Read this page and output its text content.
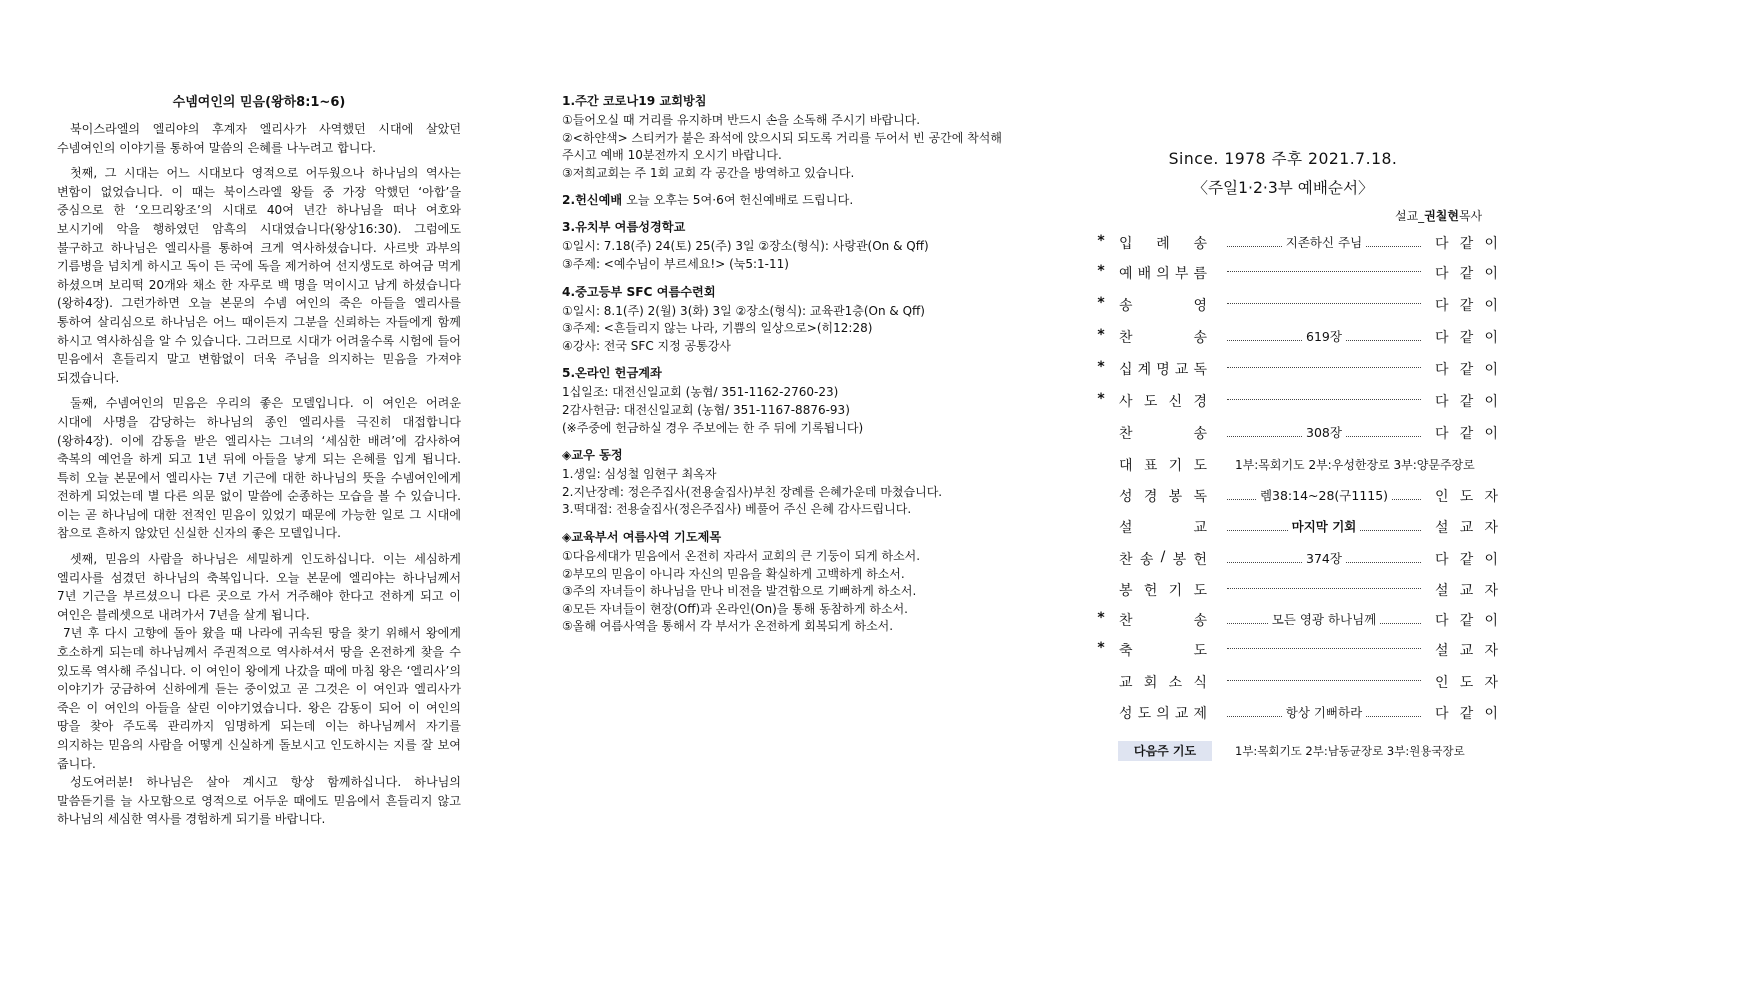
수넴여인의 믿음(왕하8:1~6)

북이스라엘의 엘리야의 후계자 엘리사가 사역했던 시대에 살았던 수넴여인의 이야기를 통하여 말씀의 은혜를 나누려고 합니다.

첫째, 그 시대는 어느 시대보다 영적으로 어두웠으나 하나님의 역사는 변함이 없었습니다. 이 때는 북이스라엘 왕들 중 가장 악했던 ‘아합’을 중심으로 한 ‘오므리왕조’의 시대로 40여 년간 하나님을 떠나 여호와 보시기에 악을 행하였던 암흑의 시대였습니다(왕상16:30). 그럼에도 불구하고 하나님은 엘리사를 통하여 크게 역사하셨습니다. 사르밧 과부의 기름병을 넘치게 하시고 독이 든 국에 독을 제거하여 선지생도로 하여금 먹게 하셨으며 보리떡 20개와 채소 한 자루로 백 명을 먹이시고 남게 하셨습니다(왕하4장). 그런가하면 오늘 본문의 수넴 여인의 죽은 아들을 엘리사를 통하여 살리심으로 하나님은 어느 때이든지 그분을 신뢰하는 자들에게 함께 하시고 역사하심을 알 수 있습니다. 그러므로 시대가 어려울수록 시험에 들어 믿음에서 흔들리지 말고 변함없이 더욱 주님을 의지하는 믿음을 가져야 되겠습니다.

둘째, 수넴여인의 믿음은 우리의 좋은 모델입니다. 이 여인은 어려운 시대에 사명을 감당하는 하나님의 종인 엘리사를 극진히 대접합니다(왕하4장). 이에 감동을 받은 엘리사는 그녀의 ‘세심한 배려’에 감사하여 축복의 예언을 하게 되고 1년 뒤에 아들을 낳게 되는 은혜를 입게 됩니다. 특히 오늘 본문에서 엘리사는 7년 기근에 대한 하나님의 뜻을 수넴여인에게 전하게 되었는데 별 다른 의문 없이 말씀에 순종하는 모습을 볼 수 있습니다. 이는 곧 하나님에 대한 전적인 믿음이 있었기 때문에 가능한 일로 그 시대에 참으로 흔하지 않았던 신실한 신자의 좋은 모델입니다.

셋째, 믿음의 사람을 하나님은 세밀하게 인도하십니다. 이는 세심하게 엘리사를 섬겼던 하나님의 축복입니다. 오늘 본문에 엘리야는 하나님께서 7년 기근을 부르셨으니 다른 곳으로 가서 거주해야 한다고 전하게 되고 이 여인은 블레셋으로 내려가서 7년을 살게 됩니다.

7년 후 다시 고향에 돌아 왔을 때 나라에 귀속된 땅을 찾기 위해서 왕에게 호소하게 되는데 하나님께서 주권적으로 역사하셔서 땅을 온전하게 찾을 수 있도록 역사해 주십니다. 이 여인이 왕에게 나갔을 때에 마침 왕은 ‘엘리사’의 이야기가 궁금하여 신하에게 듣는 중이었고 곧 그것은 이 여인과 엘리사가 죽은 이 여인의 아들을 살린 이야기였습니다. 왕은 감동이 되어 이 여인의 땅을 찾아 주도록 관리까지 임명하게 되는데 이는 하나님께서 자기를 의지하는 믿음의 사람을 어떻게 신실하게 돌보시고 인도하시는 지를 잘 보여 줍니다.

성도여러분! 하나님은 살아 계시고 항상 함께하십니다. 하나님의 말씀듣기를 늘 사모함으로 영적으로 어두운 때에도 믿음에서 흔들리지 않고 하나님의 세심한 역사를 경험하게 되기를 바랍니다.

1.주간 코로나19 교회방침
①들어오실 때 거리를 유지하며 반드시 손을 소독해 주시기 바랍니다.
②<하얀색> 스티커가 붙은 좌석에 앉으시되 되도록 거리를 두어서 빈 공간에 착석해 주시고 예배 10분전까지 오시기 바랍니다.
③저희교회는 주 1회 교회 각 공간을 방역하고 있습니다.
2.헌신예배 오늘 오후는 5여·6여 헌신예배로 드립니다.
3.유치부 여름성경학교
①일시: 7.18(주) 24(토) 25(주) 3일 ②장소(형식): 사랑관(On & Qff)
③주제: <예수님이 부르세요!> (눅5:1-11)
4.중고등부 SFC 여름수련회
①일시: 8.1(주) 2(월) 3(화) 3일 ②장소(형식): 교육관1층(On & Qff)
③주제: <흔들리지 않는 나라, 기쁨의 일상으로>(히12:28)
④강사: 전국 SFC 지정 공통강사
5.온라인 헌금계좌
1십일조: 대전신일교회 (농협/ 351-1162-2760-23)
2감사헌금: 대전신일교회 (농협/ 351-1167-8876-93)
(※주중에 헌금하실 경우 주보에는 한 주 뒤에 기록됩니다)
◈교우 동정
1.생일: 심성철 임현구 최옥자
2.지난장례: 정은주집사(전용술집사)부친 장례를 은혜가운데 마쳤습니다.
3.떡대접: 전용술집사(정은주집사) 베풀어 주신 은혜 감사드립니다.
◈교육부서 여름사역 기도제목
①다음세대가 믿음에서 온전히 자라서 교회의 큰 기둥이 되게 하소서.
②부모의 믿음이 아니라 자신의 믿음을 확실하게 고백하게 하소서.
③주의 자녀들이 하나님을 만나 비전을 발견함으로 기뻐하게 하소서.
④모든 자녀들이 현장(Off)과 온라인(On)을 통해 동참하게 하소서.
⑤올해 여름사역을 통해서 각 부서가 온전하게 회복되게 하소서.
Since. 1978 주후 2021.7.18.
〈주일1·2·3부 예배순서〉
설교_권칠현목사
* 입 례 송	지존하신 주님	다 같 이
* 예 배 의 부 름	다 같 이
* 송	영	다 같 이
* 찬	송	619장	다 같 이
* 십 계 명 교 독	다 같 이
* 사 도 신 경	다 같 이
찬	송	308장	다 같 이
대 표 기 도 1부:목회기도 2부:우성한장로 3부:양문주장로
성 경 봉 독	렘38:14~28(구1115)	인 도 자
설	교	마지막 기회	설 교 자
찬 송 / 봉 헌	374장	다 같 이
봉 헌 기 도	설 교 자
* 찬	송	모든 영광 하나님께	다 같 이
* 축	도	설 교 자
교 회 소 식	인 도 자
성 도 의 교 제	항상 기뻐하라	다 같 이
다음주 기도	1부:목회기도 2부:남동균장로 3부:원용국장로
